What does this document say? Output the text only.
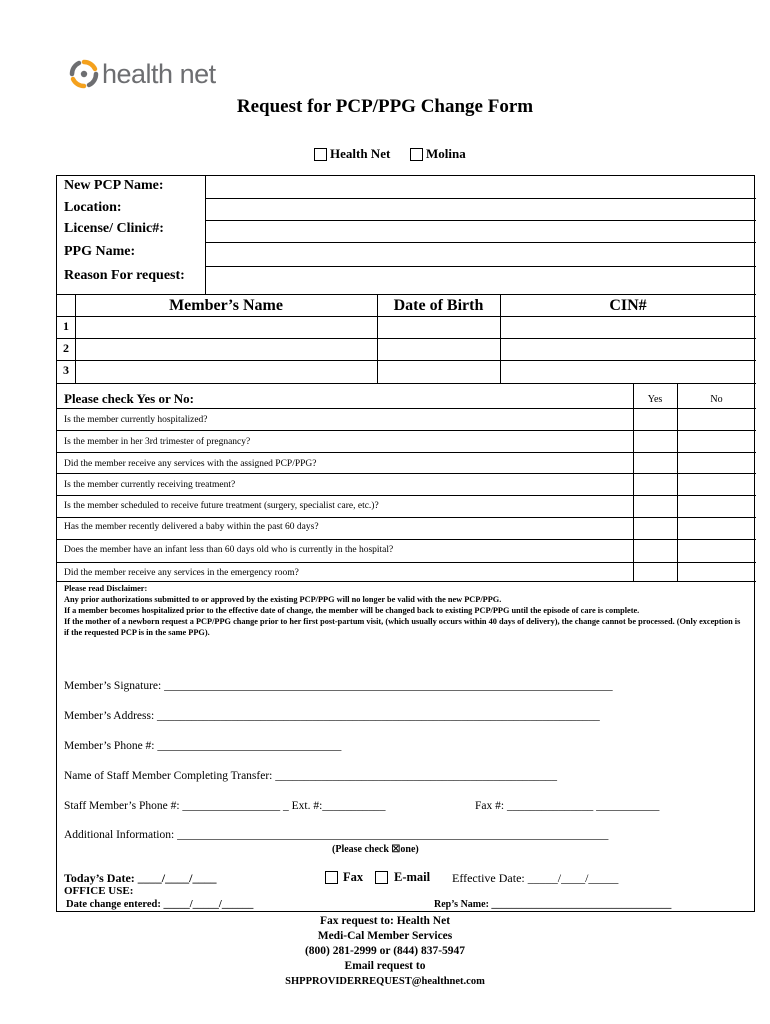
health net
Request for PCP/PPG Change Form
Health Net	Molina
New PCP Name:
Location:
License/ Clinic#:
PPG Name:
Reason For request:
Member’s Name	Date of Birth	CIN#
1
2
3
Please check Yes or No:	Yes	No
Is the member currently hospitalized?
Is the member in her 3rd trimester of pregnancy?
Did the member receive any services with the assigned PCP/PPG?
Is the member currently receiving treatment?
Is the member scheduled to receive future treatment (surgery, specialist care, etc.)?
Has the member recently delivered a baby within the past 60 days?
Does the member have an infant less than 60 days old who is currently in the hospital?
Did the member receive any services in the emergency room?
Please read Disclaimer:
Any prior authorizations submitted to or approved by the existing PCP/PPG will no longer be valid with the new PCP/PPG.
If a member becomes hospitalized prior to the effective date of change, the member will be changed back to existing PCP/PPG until the episode of care is complete.
If the mother of a newborn request a PCP/PPG change prior to her first post-partum visit, (which usually occurs within 40 days of delivery), the change cannot be processed. (Only exception is if the requested PCP is in the same PPG).
Member’s Signature: ______________________________________________________________________________
Member’s Address: _____________________________________________________________________________
Member’s Phone #: ________________________________
Name of Staff Member Completing Transfer: _________________________________________________
Staff Member’s Phone #: _________________ _ Ext. #:___________	Fax #: _______________ ___________
Additional Information: ___________________________________________________________________________
(Please check ☒one)
Today’s Date: ____/____/____
OFFICE USE:
Date change entered: _____/_____/______
Fax E-mail Effective Date: _____/____/_____
Rep’s Name: ____________________________________
Fax request to: Health Net
Medi-Cal Member Services
(800) 281-2999 or (844) 837-5947
Email request to
SHPPROVIDERREQUEST@healthnet.com
